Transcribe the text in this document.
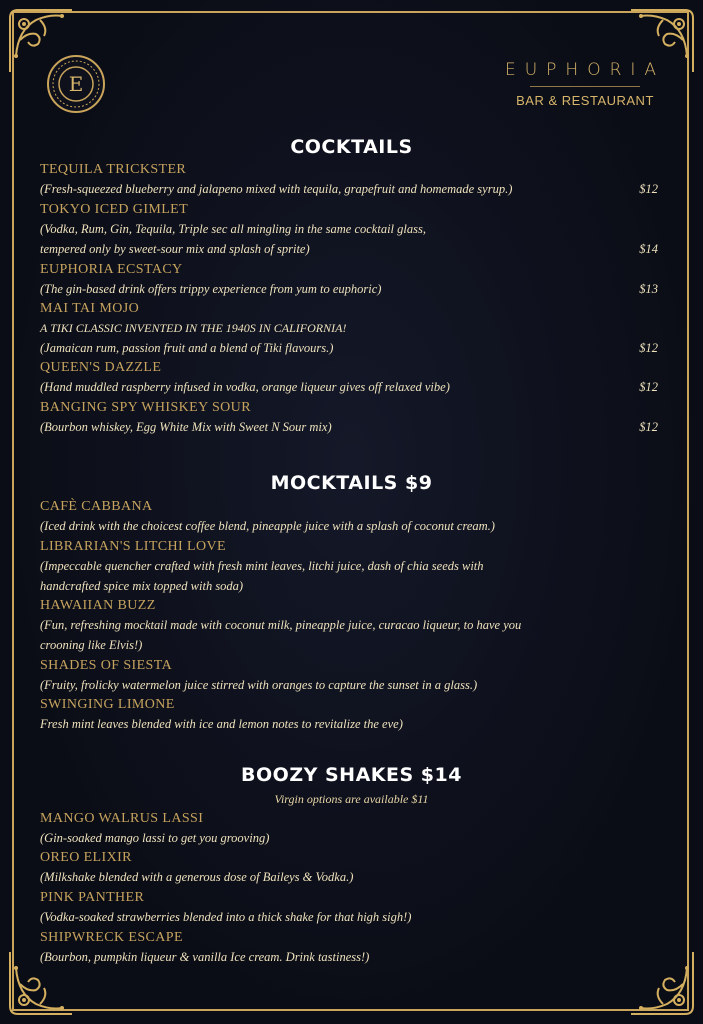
E
EUPHORIA
BAR & RESTAURANT
COCKTAILS
TEQUILA TRICKSTER
(Fresh-squeezed blueberry and jalapeno mixed with tequila, grapefruit and homemade syrup.)	$12
TOKYO ICED GIMLET
(Vodka, Rum, Gin, Tequila, Triple sec all mingling in the same cocktail glass,
tempered only by sweet-sour mix and splash of sprite)	$14
EUPHORIA ECSTACY
(The gin-based drink offers trippy experience from yum to euphoric)	$13
MAI TAI MOJO
A TIKI CLASSIC INVENTED IN THE 1940S IN CALIFORNIA!
(Jamaican rum, passion fruit and a blend of Tiki flavours.)	$12
QUEEN'S DAZZLE
(Hand muddled raspberry infused in vodka, orange liqueur gives off relaxed vibe)	$12
BANGING SPY WHISKEY SOUR
(Bourbon whiskey, Egg White Mix with Sweet N Sour mix)	$12
MOCKTAILS $9
CAFÈ CABBANA
(Iced drink with the choicest coffee blend, pineapple juice with a splash of coconut cream.)
LIBRARIAN'S LITCHI LOVE
(Impeccable quencher crafted with fresh mint leaves, litchi juice, dash of chia seeds with
handcrafted spice mix topped with soda)
HAWAIIAN BUZZ
(Fun, refreshing mocktail made with coconut milk, pineapple juice, curacao liqueur, to have you
crooning like Elvis!)
SHADES OF SIESTA
(Fruity, frolicky watermelon juice stirred with oranges to capture the sunset in a glass.)
SWINGING LIMONE
Fresh mint leaves blended with ice and lemon notes to revitalize the eve)
BOOZY SHAKES $14
Virgin options are available $11
MANGO WALRUS LASSI
(Gin-soaked mango lassi to get you grooving)
OREO ELIXIR
(Milkshake blended with a generous dose of Baileys & Vodka.)
PINK PANTHER
(Vodka-soaked strawberries blended into a thick shake for that high sigh!)
SHIPWRECK ESCAPE
(Bourbon, pumpkin liqueur & vanilla Ice cream. Drink tastiness!)
